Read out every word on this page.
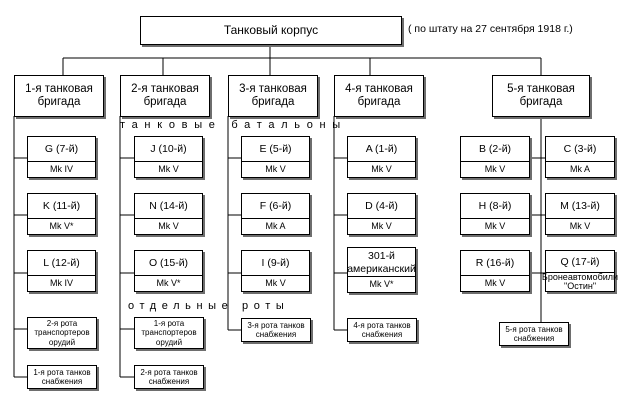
Танковый корпус	( по штату на 27 сентября 1918 г.)
1-я танковая бригада
2-я танковая бригада
3-я танковая бригада
4-я танковая бригада
5-я танковая бригада
танковые батальоны
G (7-й)
Mk IV
K (11-й)
Mk V*
L (12-й)
Mk IV
J (10-й)
Mk V
N (14-й)
Mk V
O (15-й)
Mk V*
E (5-й)
Mk V
F (6-й)
Mk A
I (9-й)
Mk V
A (1-й)
Mk V
D (4-й)
Mk V
301-й американский
Mk V*
B (2-й)
Mk V
H (8-й)
Mk V
R (16-й)
Mk V
C (3-й)
Mk A
M (13-й)
Mk V
Q (17-й)
Бронеавтомобили "Остин"
отдельные роты
2-я рота транспортеров орудий
1-я рота танков снабжения
1-я рота транспортеров орудий
2-я рота танков снабжения
3-я рота танков снабжения
4-я рота танков снабжения
5-я рота танков снабжения
